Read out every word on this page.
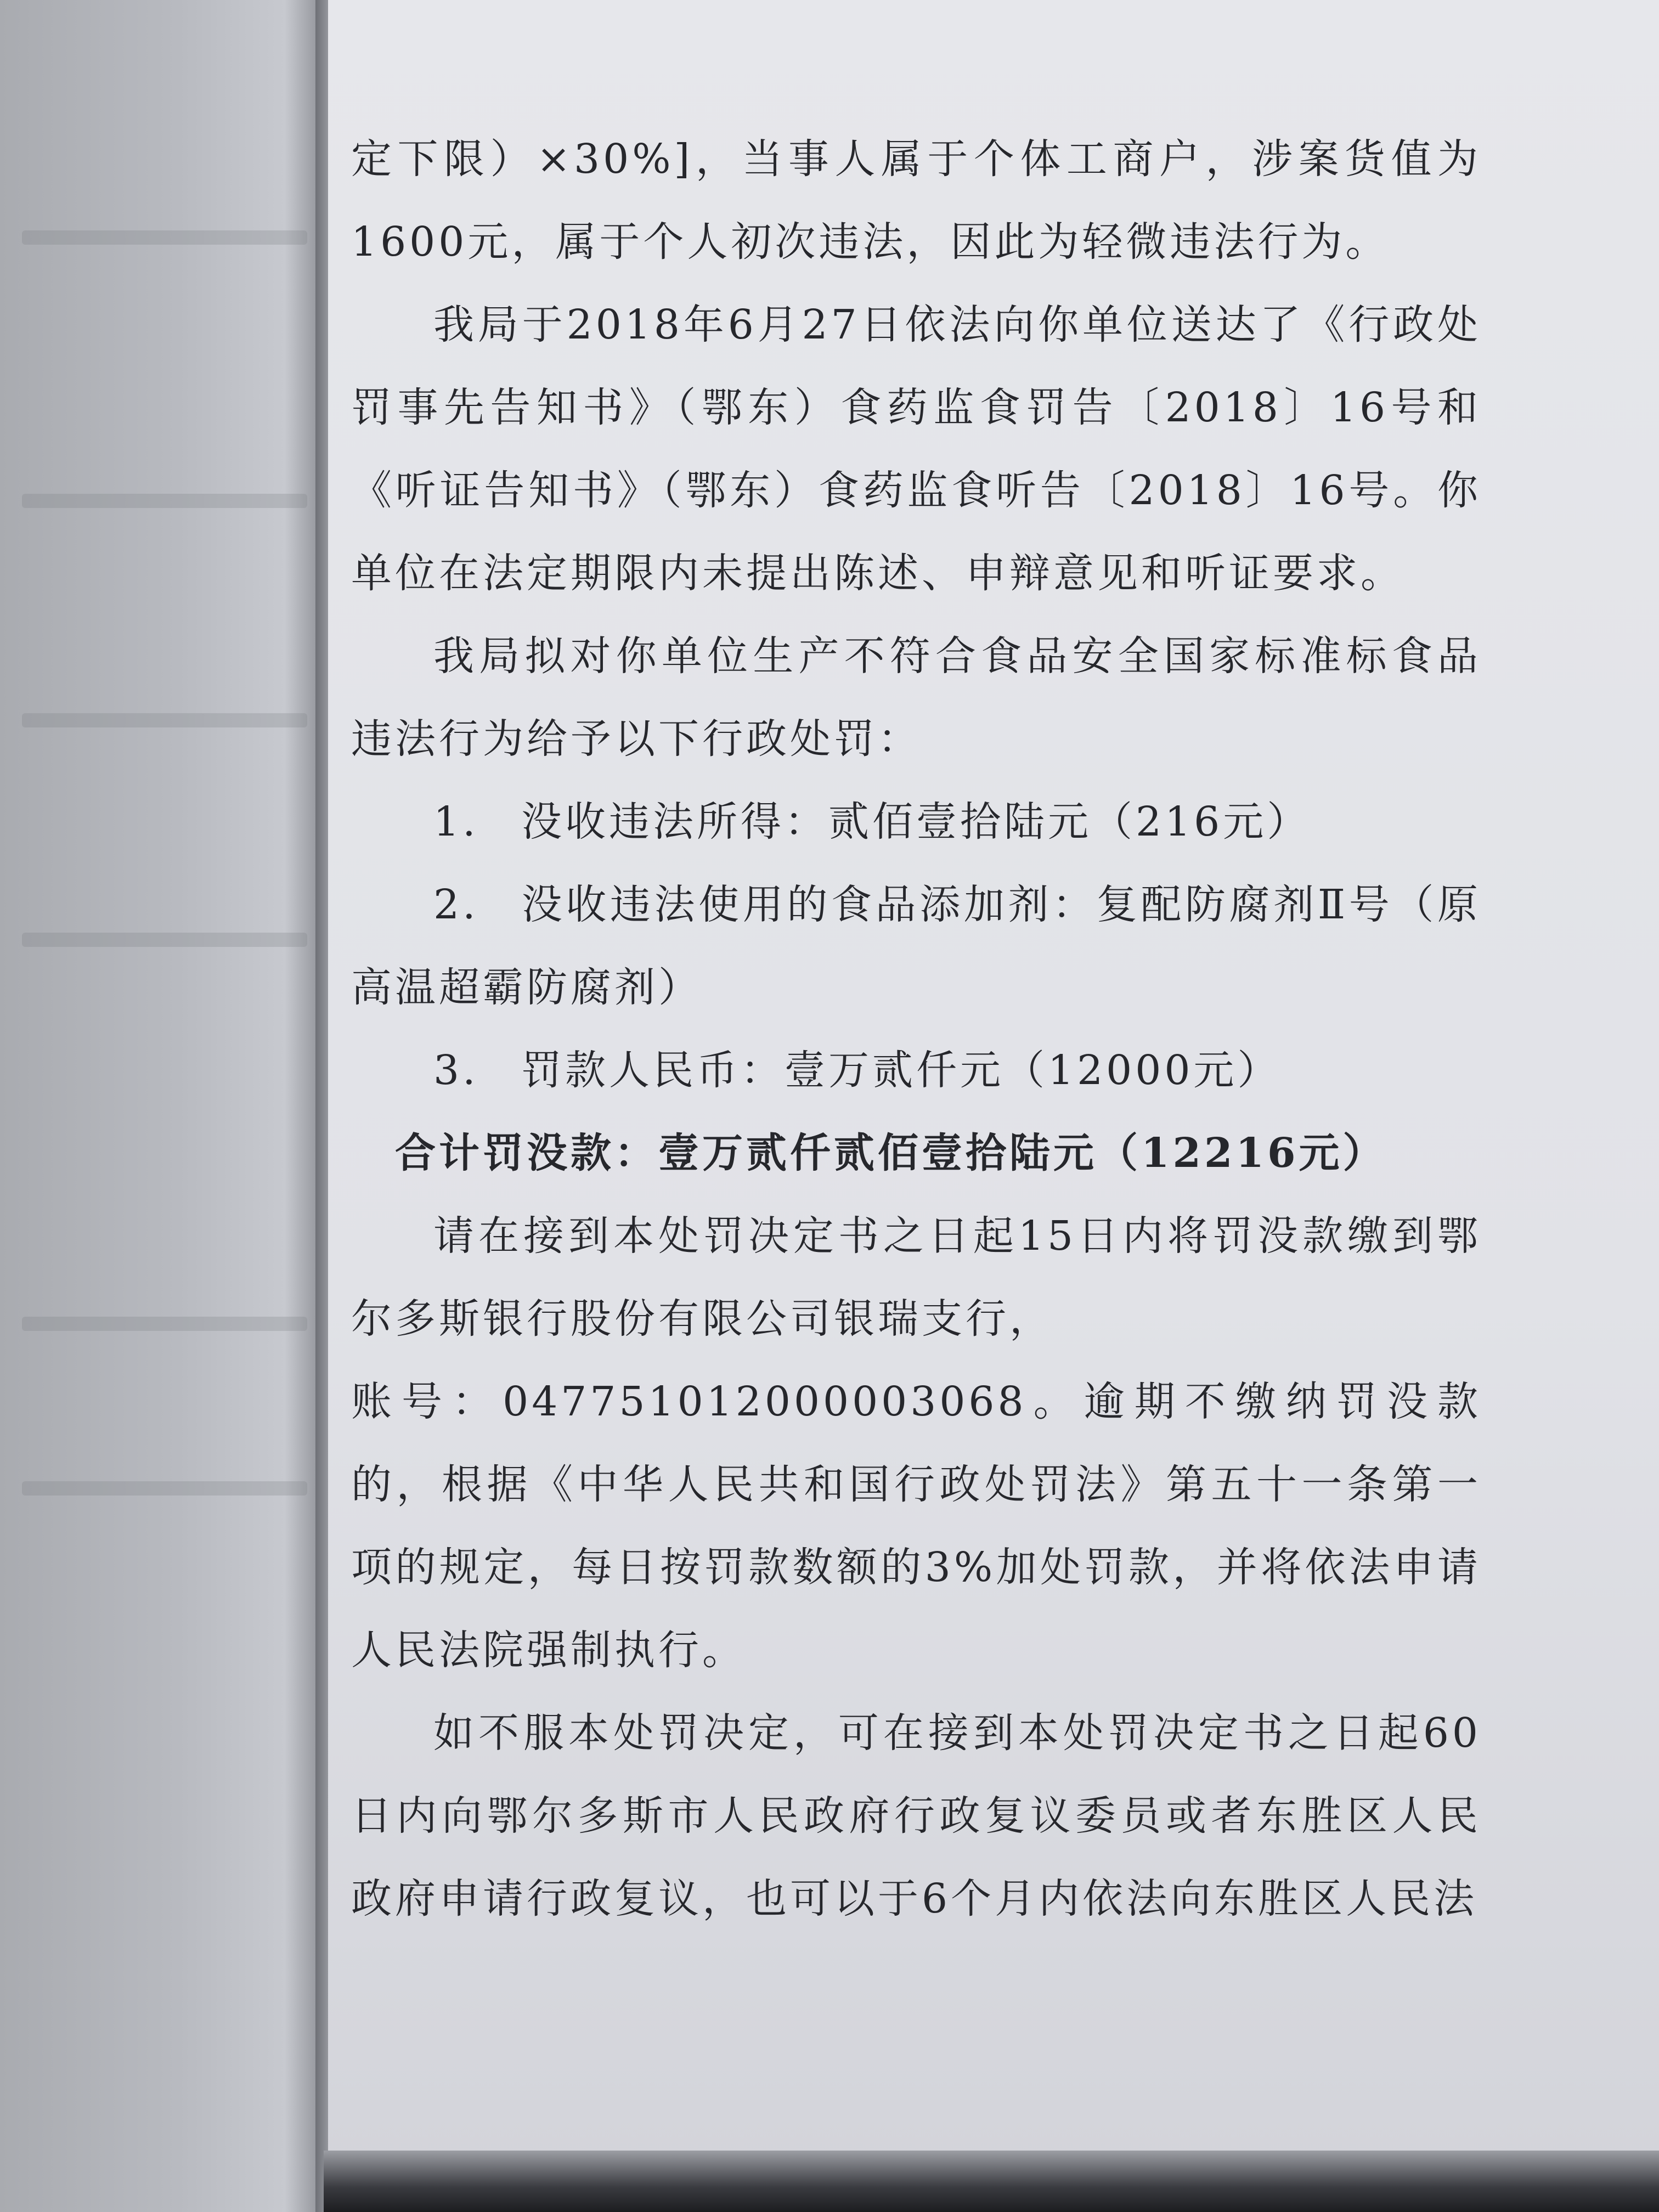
定下限）×30%]，当事人属于个体工商户，涉案货值为1600元，属于个人初次违法，因此为轻微违法行为。

我局于2018年6月27日依法向你单位送达了《行政处罚事先告知书》（鄂东）食药监食罚告〔2018〕16号和《听证告知书》（鄂东）食药监食听告〔2018〕16号。你单位在法定期限内未提出陈述、申辩意见和听证要求。

我局拟对你单位生产不符合食品安全国家标准标食品违法行为给予以下行政处罚：

1.	没收违法所得：贰佰壹拾陆元（216元）

2. 没收违法使用的食品添加剂：复配防腐剂Ⅱ号（原高温超霸防腐剂）

3.	罚款人民币：壹万贰仟元（12000元）

合计罚没款：壹万贰仟贰佰壹拾陆元（12216元）

请在接到本处罚决定书之日起15日内将罚没款缴到鄂尔多斯银行股份有限公司银瑞支行，

账号：047751012000003068。逾期不缴纳罚没款的，根据《中华人民共和国行政处罚法》第五十一条第一项的规定，每日按罚款数额的3%加处罚款，并将依法申请人民法院强制执行。

如不服本处罚决定，可在接到本处罚决定书之日起60日内向鄂尔多斯市人民政府行政复议委员或者东胜区人民政府申请行政复议，也可以于6个月内依法向东胜区人民法
